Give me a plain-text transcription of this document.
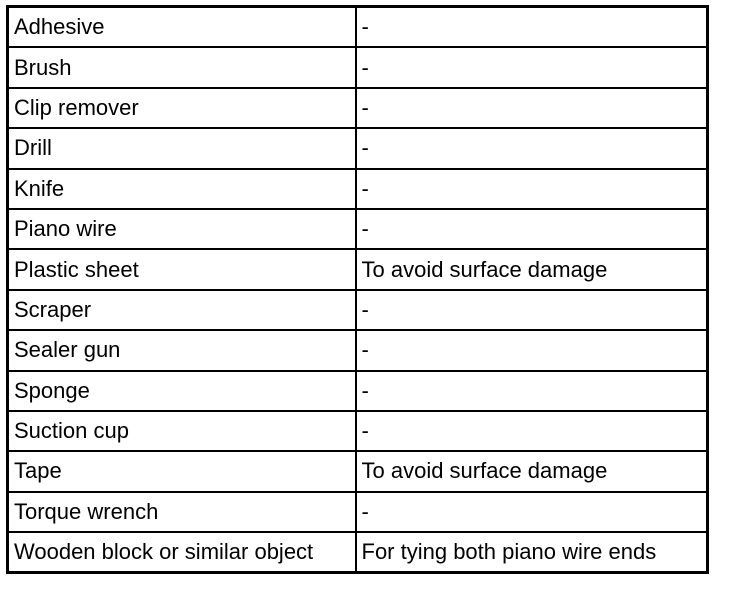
Adhesive	-
Brush	-
Clip remover	-
Drill	-
Knife	-
Piano wire	-
Plastic sheet	To avoid surface damage
Scraper	-
Sealer gun	-
Sponge	-
Suction cup	-
Tape	To avoid surface damage
Torque wrench	-
Wooden block or similar object	For tying both piano wire ends
